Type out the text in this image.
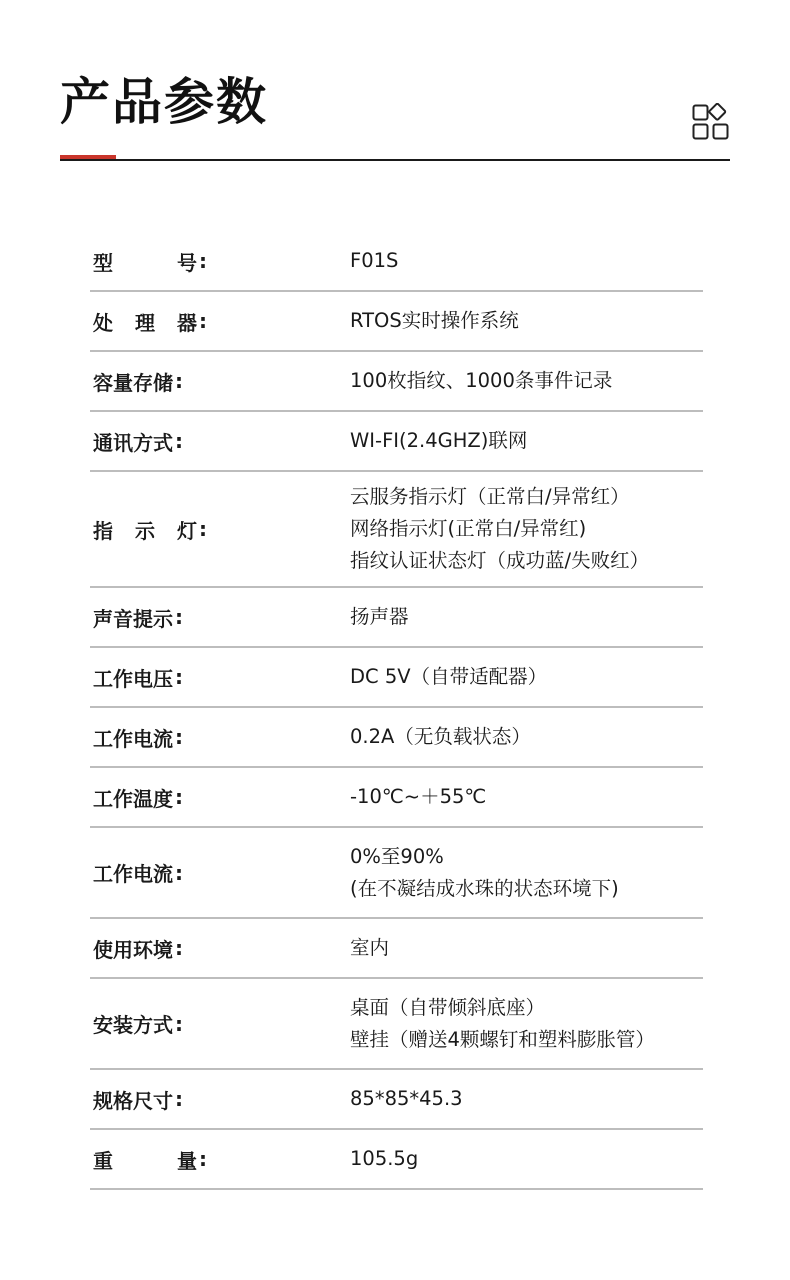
产品参数
型	号 :	F01S
处 理 器 :	RTOS实时操作系统
容量存储 :	100枚指纹、1000条事件记录
通讯方式 :	WI-FI(2.4GHZ)联网
指 示 灯 :
云服务指示灯（正常白/异常红）
网络指示灯(正常白/异常红)
指纹认证状态灯（成功蓝/失败红）
声音提示 :	扬声器
工作电压 :	DC 5V（自带适配器）
工作电流 :	0.2A（无负载状态）
工作温度 :	-10℃~＋55℃
工作电流 :
0%至90%
(在不凝结成水珠的状态环境下)
使用环境 :	室内
安装方式 :
桌面（自带倾斜底座）
壁挂（赠送4颗螺钉和塑料膨胀管）
规格尺寸 :	85*85*45.3
重	量 :	105.5g
